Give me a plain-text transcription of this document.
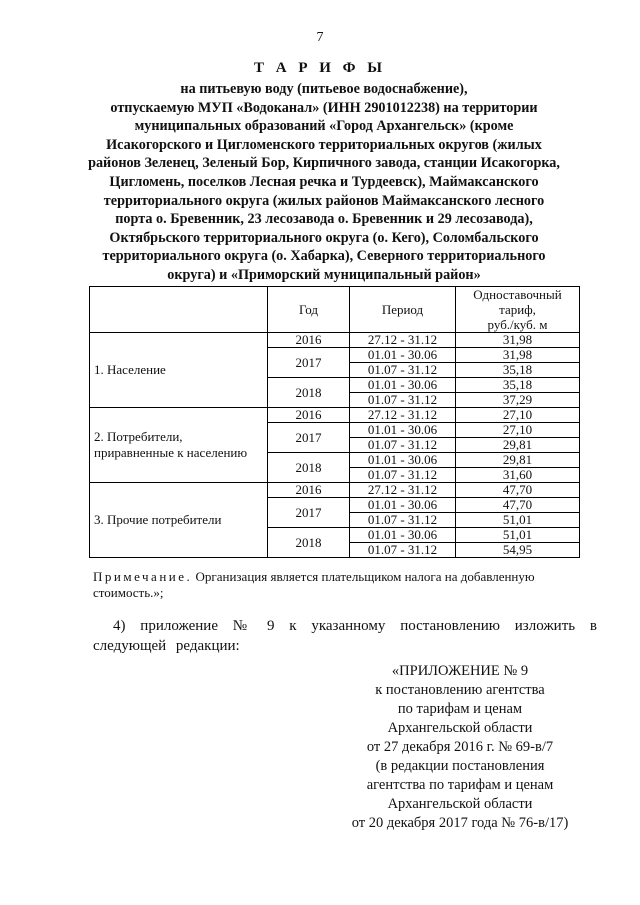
7
Т А Р И Ф Ы
на питьевую воду (питьевое водоснабжение),
отпускаемую МУП «Водоканал» (ИНН 2901012238) на территории
муниципальных образований «Город Архангельск» (кроме
Исакогорского и Цигломенского территориальных округов (жилых
районов Зеленец, Зеленый Бор, Кирпичного завода, станции Исакогорка,
Цигломень, поселков Лесная речка и Турдеевск), Маймаксанского
территориального округа (жилых районов Маймаксанского лесного
порта о. Бревенник, 23 лесозавода о. Бревенник и 29 лесозавода),
Октябрьского территориального округа (о. Кего), Соломбальского
территориального округа (о. Хабарка), Северного территориального
округа) и «Приморский муниципальный район»
	Год	Период	Одноставочный тариф,
руб./куб. м
1. Население	2016	27.12 - 31.12	31,98
	2017	01.01 - 30.06	31,98
		01.07 - 31.12	35,18
	2018	01.01 - 30.06	35,18
		01.07 - 31.12	37,29
2. Потребители,
приравненные к населению	2016	27.12 - 31.12	27,10
	2017	01.01 - 30.06	27,10
		01.07 - 31.12	29,81
	2018	01.01 - 30.06	29,81
		01.07 - 31.12	31,60
3. Прочие потребители	2016	27.12 - 31.12	47,70
	2017	01.01 - 30.06	47,70
		01.07 - 31.12	51,01
	2018	01.01 - 30.06	51,01
		01.07 - 31.12	54,95
Примечание. Организация является плательщиком налога на добавленную стоимость.»;
4) приложение № 9 к указанному постановлению изложить в следующей редакции:
«ПРИЛОЖЕНИЕ № 9
к постановлению агентства
по тарифам и ценам
Архангельской области
от 27 декабря 2016 г. № 69-в/7
(в редакции постановления
агентства по тарифам и ценам
Архангельской области
от 20 декабря 2017 года № 76-в/17)
